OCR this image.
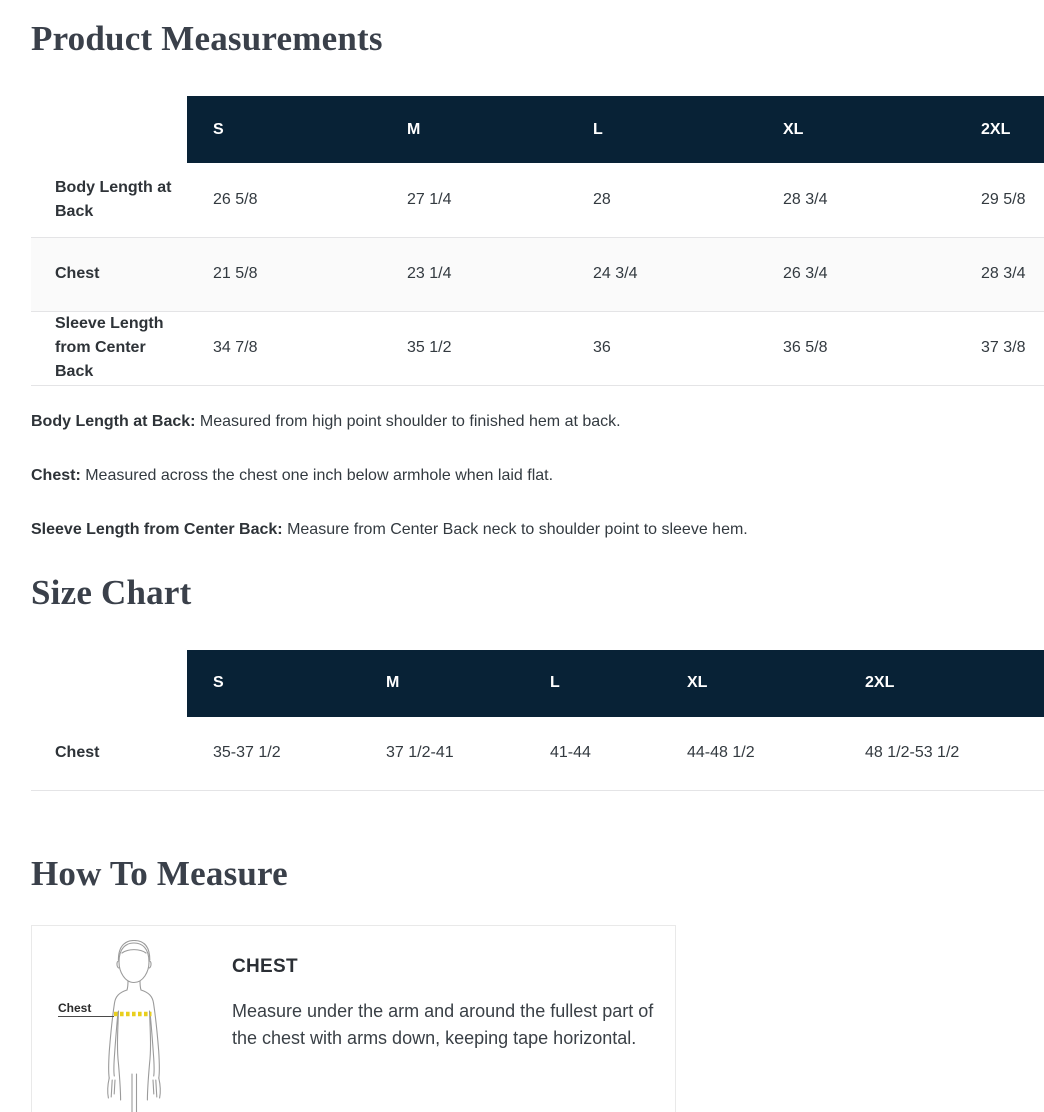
Product Measurements
	S	M	L	XL	2XL
Body Length at Back	26 5/8	27 1/4	28	28 3/4	29 5/8
Chest	21 5/8	23 1/4	24 3/4	26 3/4	28 3/4
Sleeve Length from Center Back	34 7/8	35 1/2	36	36 5/8	37 3/8

Body Length at Back: Measured from high point shoulder to finished hem at back.

Chest: Measured across the chest one inch below armhole when laid flat.

Sleeve Length from Center Back: Measure from Center Back neck to shoulder point to sleeve hem.

Size Chart
	S	M	L	XL	2XL
Chest	35-37 1/2	37 1/2-41	41-44	44-48 1/2	48 1/2-53 1/2
How To Measure
Chest
CHEST

Measure under the arm and around the fullest part of the chest with arms down, keeping tape horizontal.
